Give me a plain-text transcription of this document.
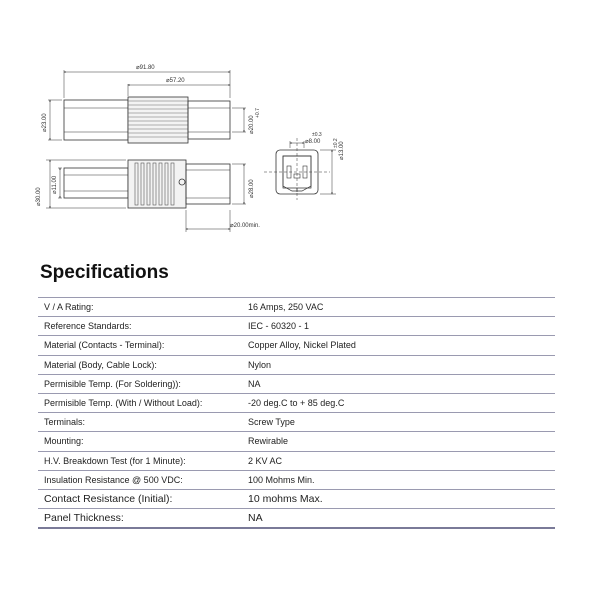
⌀91.80
⌀57.20
⌀23.00	⌀20.00
+0.7
⌀30.00
⌀11.00	⌀28.00
⌀20.00min.
⌀8.00
±0.3
⌀13.00
±0.2
Specifications
V / A Rating:	16 Amps, 250 VAC
Reference Standards:	IEC - 60320 - 1
Material (Contacts - Terminal):	Copper Alloy, Nickel Plated
Material (Body, Cable Lock):	Nylon
Permisible Temp. (For Soldering)):	NA
Permisible Temp. (With / Without Load):	-20 deg.C to + 85 deg.C
Terminals:	Screw Type
Mounting:	Rewirable
H.V. Breakdown Test (for 1 Minute):	2 KV AC
Insulation Resistance @ 500 VDC:	100 Mohms Min.
Contact Resistance (Initial):	10 mohms Max.
Panel Thickness:	NA
